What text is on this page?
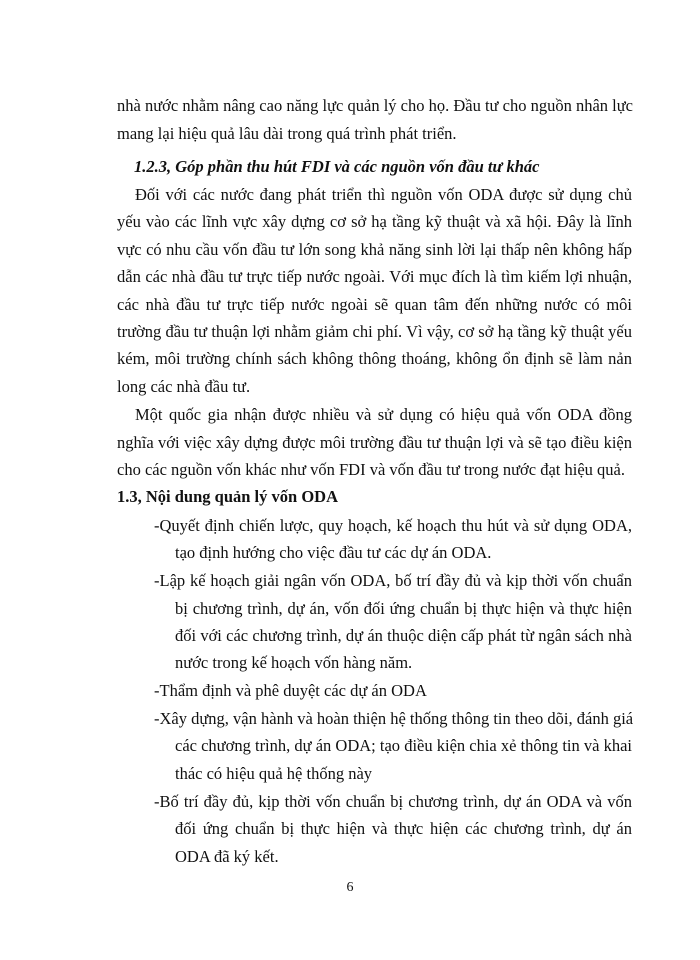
nhà nước nhằm nâng cao năng lực quản lý cho họ. Đầu tư cho nguồn nhân lực
mang lại hiệu quả lâu dài trong quá trình phát triển.
1.2.3, Góp phần thu hút FDI và các nguồn vốn đầu tư khác
Đối với các nước đang phát triển thì nguồn vốn ODA được sử dụng chủ
yếu vào các lĩnh vực xây dựng cơ sở hạ tầng kỹ thuật và xã hội. Đây là lĩnh
vực có nhu cầu vốn đầu tư lớn song khả năng sinh lời lại thấp nên không hấp
dẫn các nhà đầu tư trực tiếp nước ngoài. Với mục đích là tìm kiếm lợi nhuận,
các nhà đầu tư trực tiếp nước ngoài sẽ quan tâm đến những nước có môi
trường đầu tư thuận lợi nhằm giảm chi phí. Vì vậy, cơ sở hạ tầng kỹ thuật yếu
kém, môi trường chính sách không thông thoáng, không ổn định sẽ làm nản
long các nhà đầu tư.
Một quốc gia nhận được nhiều và sử dụng có hiệu quả vốn ODA đồng
nghĩa với việc xây dựng được môi trường đầu tư thuận lợi và sẽ tạo điều kiện
cho các nguồn vốn khác như vốn FDI và vốn đầu tư trong nước đạt hiệu quả.
1.3, Nội dung quản lý vốn ODA
-Quyết định chiến lược, quy hoạch, kế hoạch thu hút và sử dụng ODA,
tạo định hướng cho việc đầu tư các dự án ODA.
-Lập kế hoạch giải ngân vốn ODA, bố trí đầy đủ và kịp thời vốn chuẩn
bị chương trình, dự án, vốn đối ứng chuẩn bị thực hiện và thực hiện
đối với các chương trình, dự án thuộc diện cấp phát từ ngân sách nhà
nước trong kế hoạch vốn hàng năm.
-Thẩm định và phê duyệt các dự án ODA
-Xây dựng, vận hành và hoàn thiện hệ thống thông tin theo dõi, đánh giá
các chương trình, dự án ODA; tạo điều kiện chia xẻ thông tin và khai
thác có hiệu quả hệ thống này
-Bố trí đầy đủ, kịp thời vốn chuẩn bị chương trình, dự án ODA và vốn
đối ứng chuẩn bị thực hiện và thực hiện các chương trình, dự án
ODA đã ký kết.
6
